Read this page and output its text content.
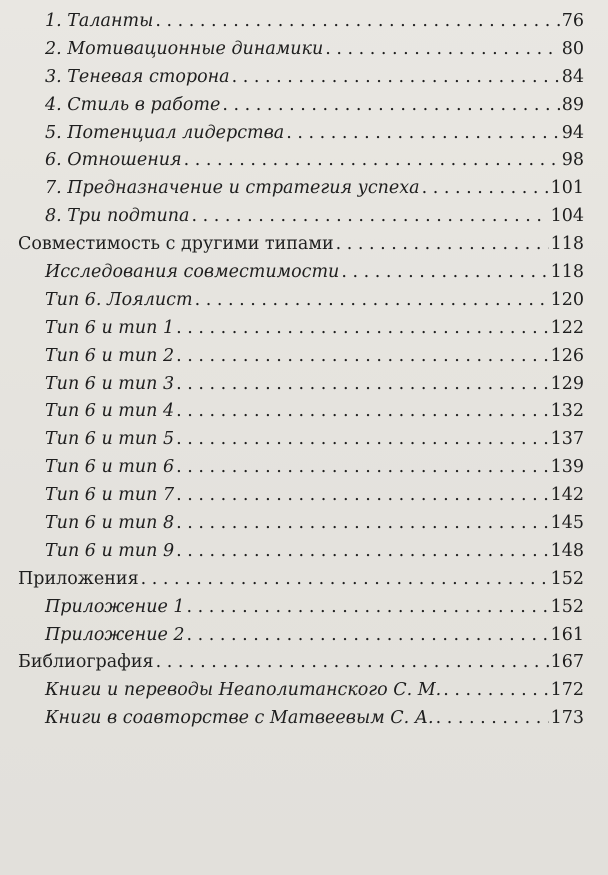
1. Таланты . . .	76
2. Мотивационные динамики . . .	80
3. Теневая сторона . . .	84
4. Стиль в работе . . .	89
5. Потенциал лидерства . . .	94
6. Отношения . . .	98
7. Предназначение и стратегия успеха . . .	101
8. Три подтипа . . .	104
Совместимость с другими типами . . .	118
Исследования совместимости . . .	118
Тип 6. Лоялист . . .	120
Тип 6 и тип 1 . . .	122
Тип 6 и тип 2 . . .	126
Тип 6 и тип 3 . . .	129
Тип 6 и тип 4 . . .	132
Тип 6 и тип 5 . . .	137
Тип 6 и тип 6 . . .	139
Тип 6 и тип 7 . . .	142
Тип 6 и тип 8 . . .	145
Тип 6 и тип 9 . . .	148
Приложения . . .	152
Приложение 1 . . .	152
Приложение 2 . . .	161
Библиография . . .	167
Книги и переводы Неаполитанского С. М. . . .	172
Книги в соавторстве с Матвеевым С. А. . . .	173
